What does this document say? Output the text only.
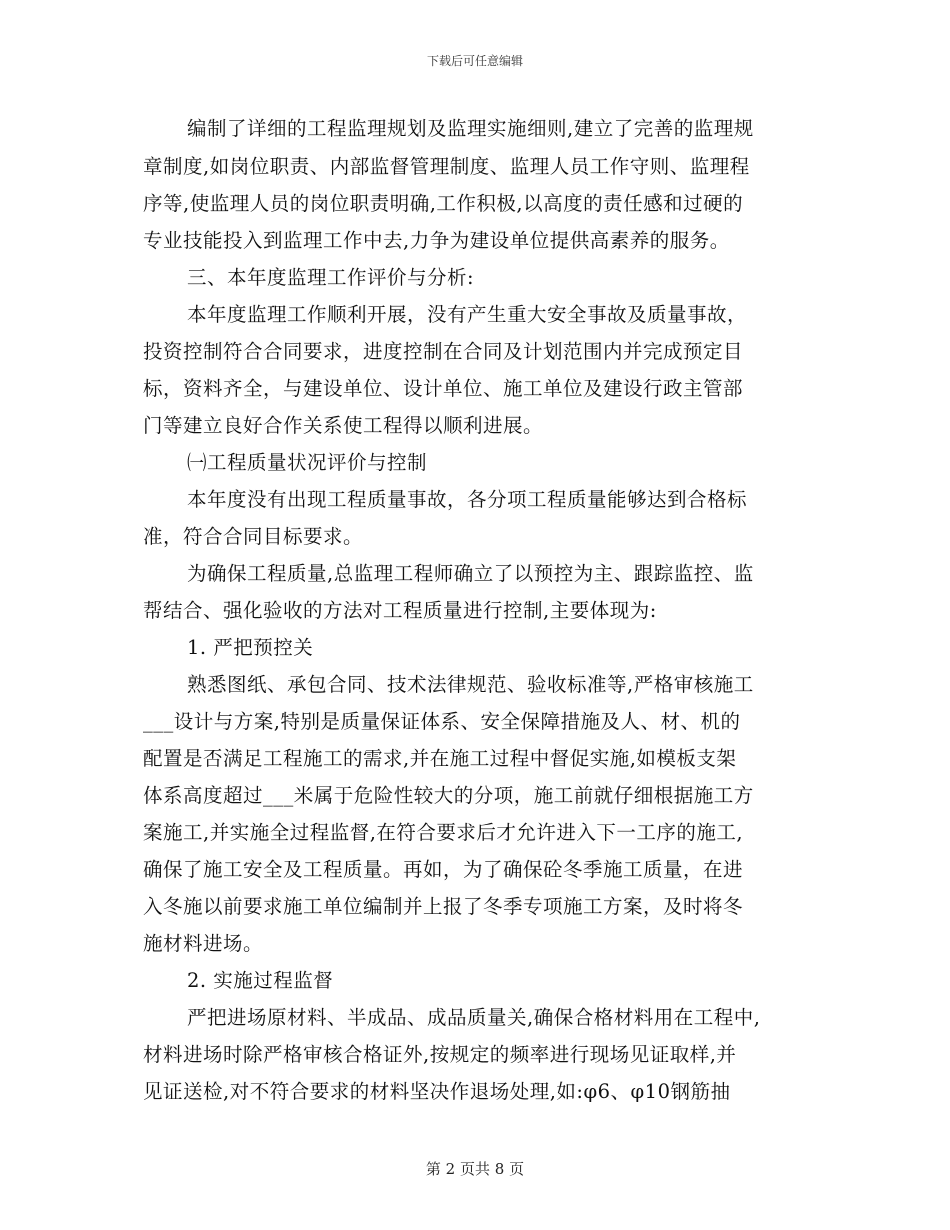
下载后可任意编辑
编制了详细的工程监理规划及监理实施细则,建立了完善的监理规
章制度,如岗位职责、内部监督管理制度、监理人员工作守则、监理程
序等,使监理人员的岗位职责明确,工作积极,以高度的责任感和过硬的
专业技能投入到监理工作中去,力争为建设单位提供高素养的服务。
三、本年度监理工作评价与分析:
本年度监理工作顺利开展，没有产生重大安全事故及质量事故，
投资控制符合合同要求，进度控制在合同及计划范围内并完成预定目
标，资料齐全，与建设单位、设计单位、施工单位及建设行政主管部
门等建立良好合作关系使工程得以顺利进展。
㈠工程质量状况评价与控制
本年度没有出现工程质量事故，各分项工程质量能够达到合格标
准，符合合同目标要求。
为确保工程质量,总监理工程师确立了以预控为主、跟踪监控、监
帮结合、强化验收的方法对工程质量进行控制,主要体现为:
1. 严把预控关
熟悉图纸、承包合同、技术法律规范、验收标准等,严格审核施工
___设计与方案,特别是质量保证体系、安全保障措施及人、材、机的
配置是否满足工程施工的需求,并在施工过程中督促实施,如模板支架
体系高度超过___米属于危险性较大的分项，施工前就仔细根据施工方
案施工,并实施全过程监督,在符合要求后才允许进入下一工序的施工,
确保了施工安全及工程质量。再如，为了确保砼冬季施工质量，在进
入冬施以前要求施工单位编制并上报了冬季专项施工方案，及时将冬
施材料进场。
2. 实施过程监督
严把进场原材料、半成品、成品质量关,确保合格材料用在工程中,
材料进场时除严格审核合格证外,按规定的频率进行现场见证取样,并
见证送检,对不符合要求的材料坚决作退场处理,如:φ6、φ10钢筋抽
第 2 页共 8 页
